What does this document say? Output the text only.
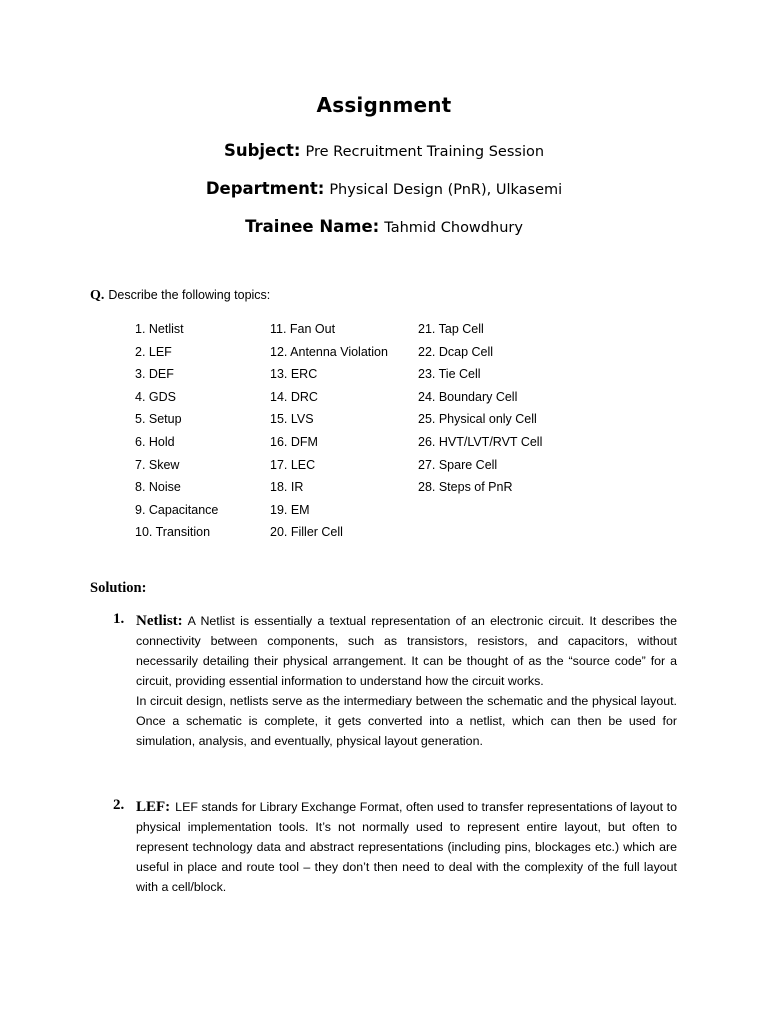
Assignment
Subject: Pre Recruitment Training Session
Department: Physical Design (PnR), Ulkasemi
Trainee Name: Tahmid Chowdhury
Q. Describe the following topics:
1. Netlist
2. LEF
3. DEF
4. GDS
5. Setup
6. Hold
7. Skew
8. Noise
9. Capacitance
10. Transition
11. Fan Out
12. Antenna Violation
13. ERC
14. DRC
15. LVS
16. DFM
17. LEC
18. IR
19. EM
20. Filler Cell
21. Tap Cell
22. Dcap Cell
23. Tie Cell
24. Boundary Cell
25. Physical only Cell
26. HVT/LVT/RVT Cell
27. Spare Cell
28. Steps of PnR
Solution:
1. Netlist: A Netlist is essentially a textual representation of an electronic circuit. It describes the connectivity between components, such as transistors, resistors, and capacitors, without necessarily detailing their physical arrangement. It can be thought of as the “source code” for a circuit, providing essential information to understand how the circuit works.

In circuit design, netlists serve as the intermediary between the schematic and the physical layout. Once a schematic is complete, it gets converted into a netlist, which can then be used for simulation, analysis, and eventually, physical layout generation.

2. LEF: LEF stands for Library Exchange Format, often used to transfer representations of layout to physical implementation tools. It’s not normally used to represent entire layout, but often to represent technology data and abstract representations (including pins, blockages etc.) which are useful in place and route tool – they don’t then need to deal with the complexity of the full layout with a cell/block.
